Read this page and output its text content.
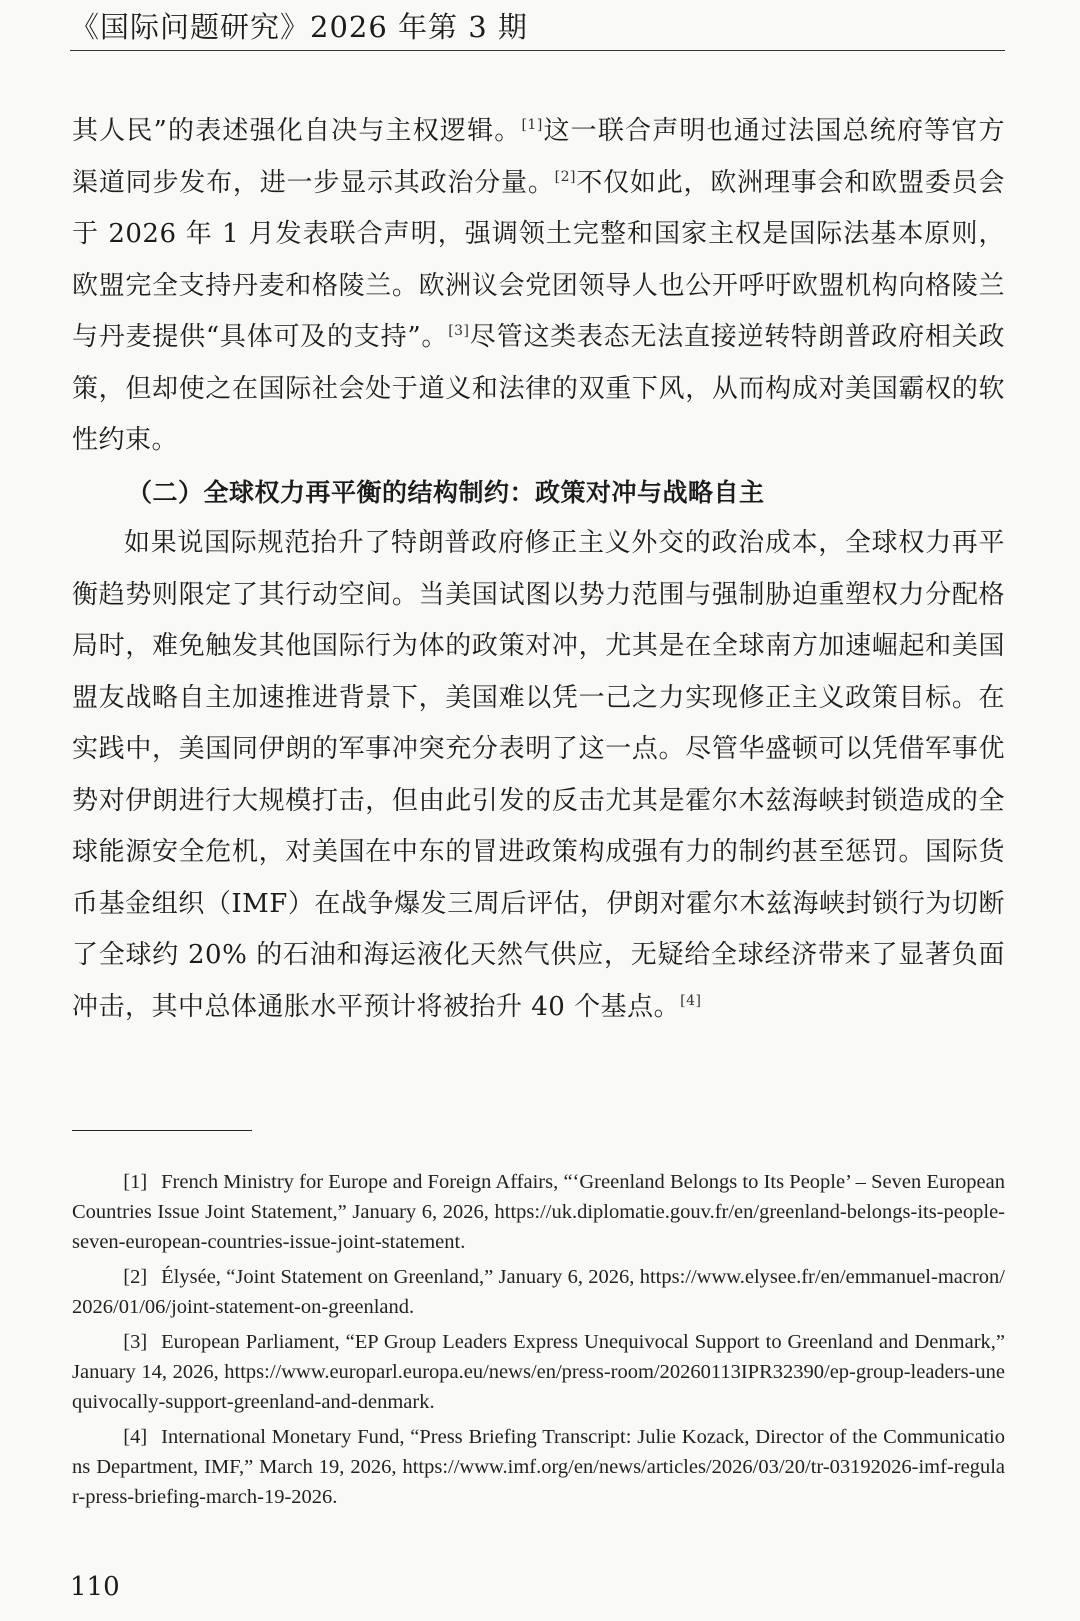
《国际问题研究》2026 年第 3 期

其人民”的表述强化自决与主权逻辑。[1]这一联合声明也通过法国总统府等官方渠道同步发布，进一步显示其政治分量。[2]不仅如此，欧洲理事会和欧盟委员会于 2026 年 1 月发表联合声明，强调领土完整和国家主权是国际法基本原则，欧盟完全支持丹麦和格陵兰。欧洲议会党团领导人也公开呼吁欧盟机构向格陵兰与丹麦提供“具体可及的支持”。[3]尽管这类表态无法直接逆转特朗普政府相关政策，但却使之在国际社会处于道义和法律的双重下风，从而构成对美国霸权的软性约束。

（二）全球权力再平衡的结构制约：政策对冲与战略自主

如果说国际规范抬升了特朗普政府修正主义外交的政治成本，全球权力再平衡趋势则限定了其行动空间。当美国试图以势力范围与强制胁迫重塑权力分配格局时，难免触发其他国际行为体的政策对冲，尤其是在全球南方加速崛起和美国盟友战略自主加速推进背景下，美国难以凭一己之力实现修正主义政策目标。在实践中，美国同伊朗的军事冲突充分表明了这一点。尽管华盛顿可以凭借军事优势对伊朗进行大规模打击，但由此引发的反击尤其是霍尔木兹海峡封锁造成的全球能源安全危机，对美国在中东的冒进政策构成强有力的制约甚至惩罚。国际货币基金组织（IMF）在战争爆发三周后评估，伊朗对霍尔木兹海峡封锁行为切断了全球约 20% 的石油和海运液化天然气供应，无疑给全球经济带来了显著负面冲击，其中总体通胀水平预计将被抬升 40 个基点。[4]

[1] French Ministry for Europe and Foreign Affairs, “‘Greenland Belongs to Its People’ – Seven European Countries Issue Joint Statement,” January 6, 2026, https://uk.diplomatie.gouv.fr/en/greenland-belongs-its-people-seven-european-countries-issue-joint-statement.

[2] Élysée, “Joint Statement on Greenland,” January 6, 2026, https://www.elysee.fr/en/emmanuel-macron/2026/01/06/joint-statement-on-greenland.

[3] European Parliament, “EP Group Leaders Express Unequivocal Support to Greenland and Denmark,” January 14, 2026, https://www.europarl.europa.eu/news/en/press-room/20260113IPR32390/ep-group-leaders-unequivocally-support-greenland-and-denmark.

[4] International Monetary Fund, “Press Briefing Transcript: Julie Kozack, Director of the Communications Department, IMF,” March 19, 2026, https://www.imf.org/en/news/articles/2026/03/20/tr-03192026-imf-regular-press-briefing-march-19-2026.

110
